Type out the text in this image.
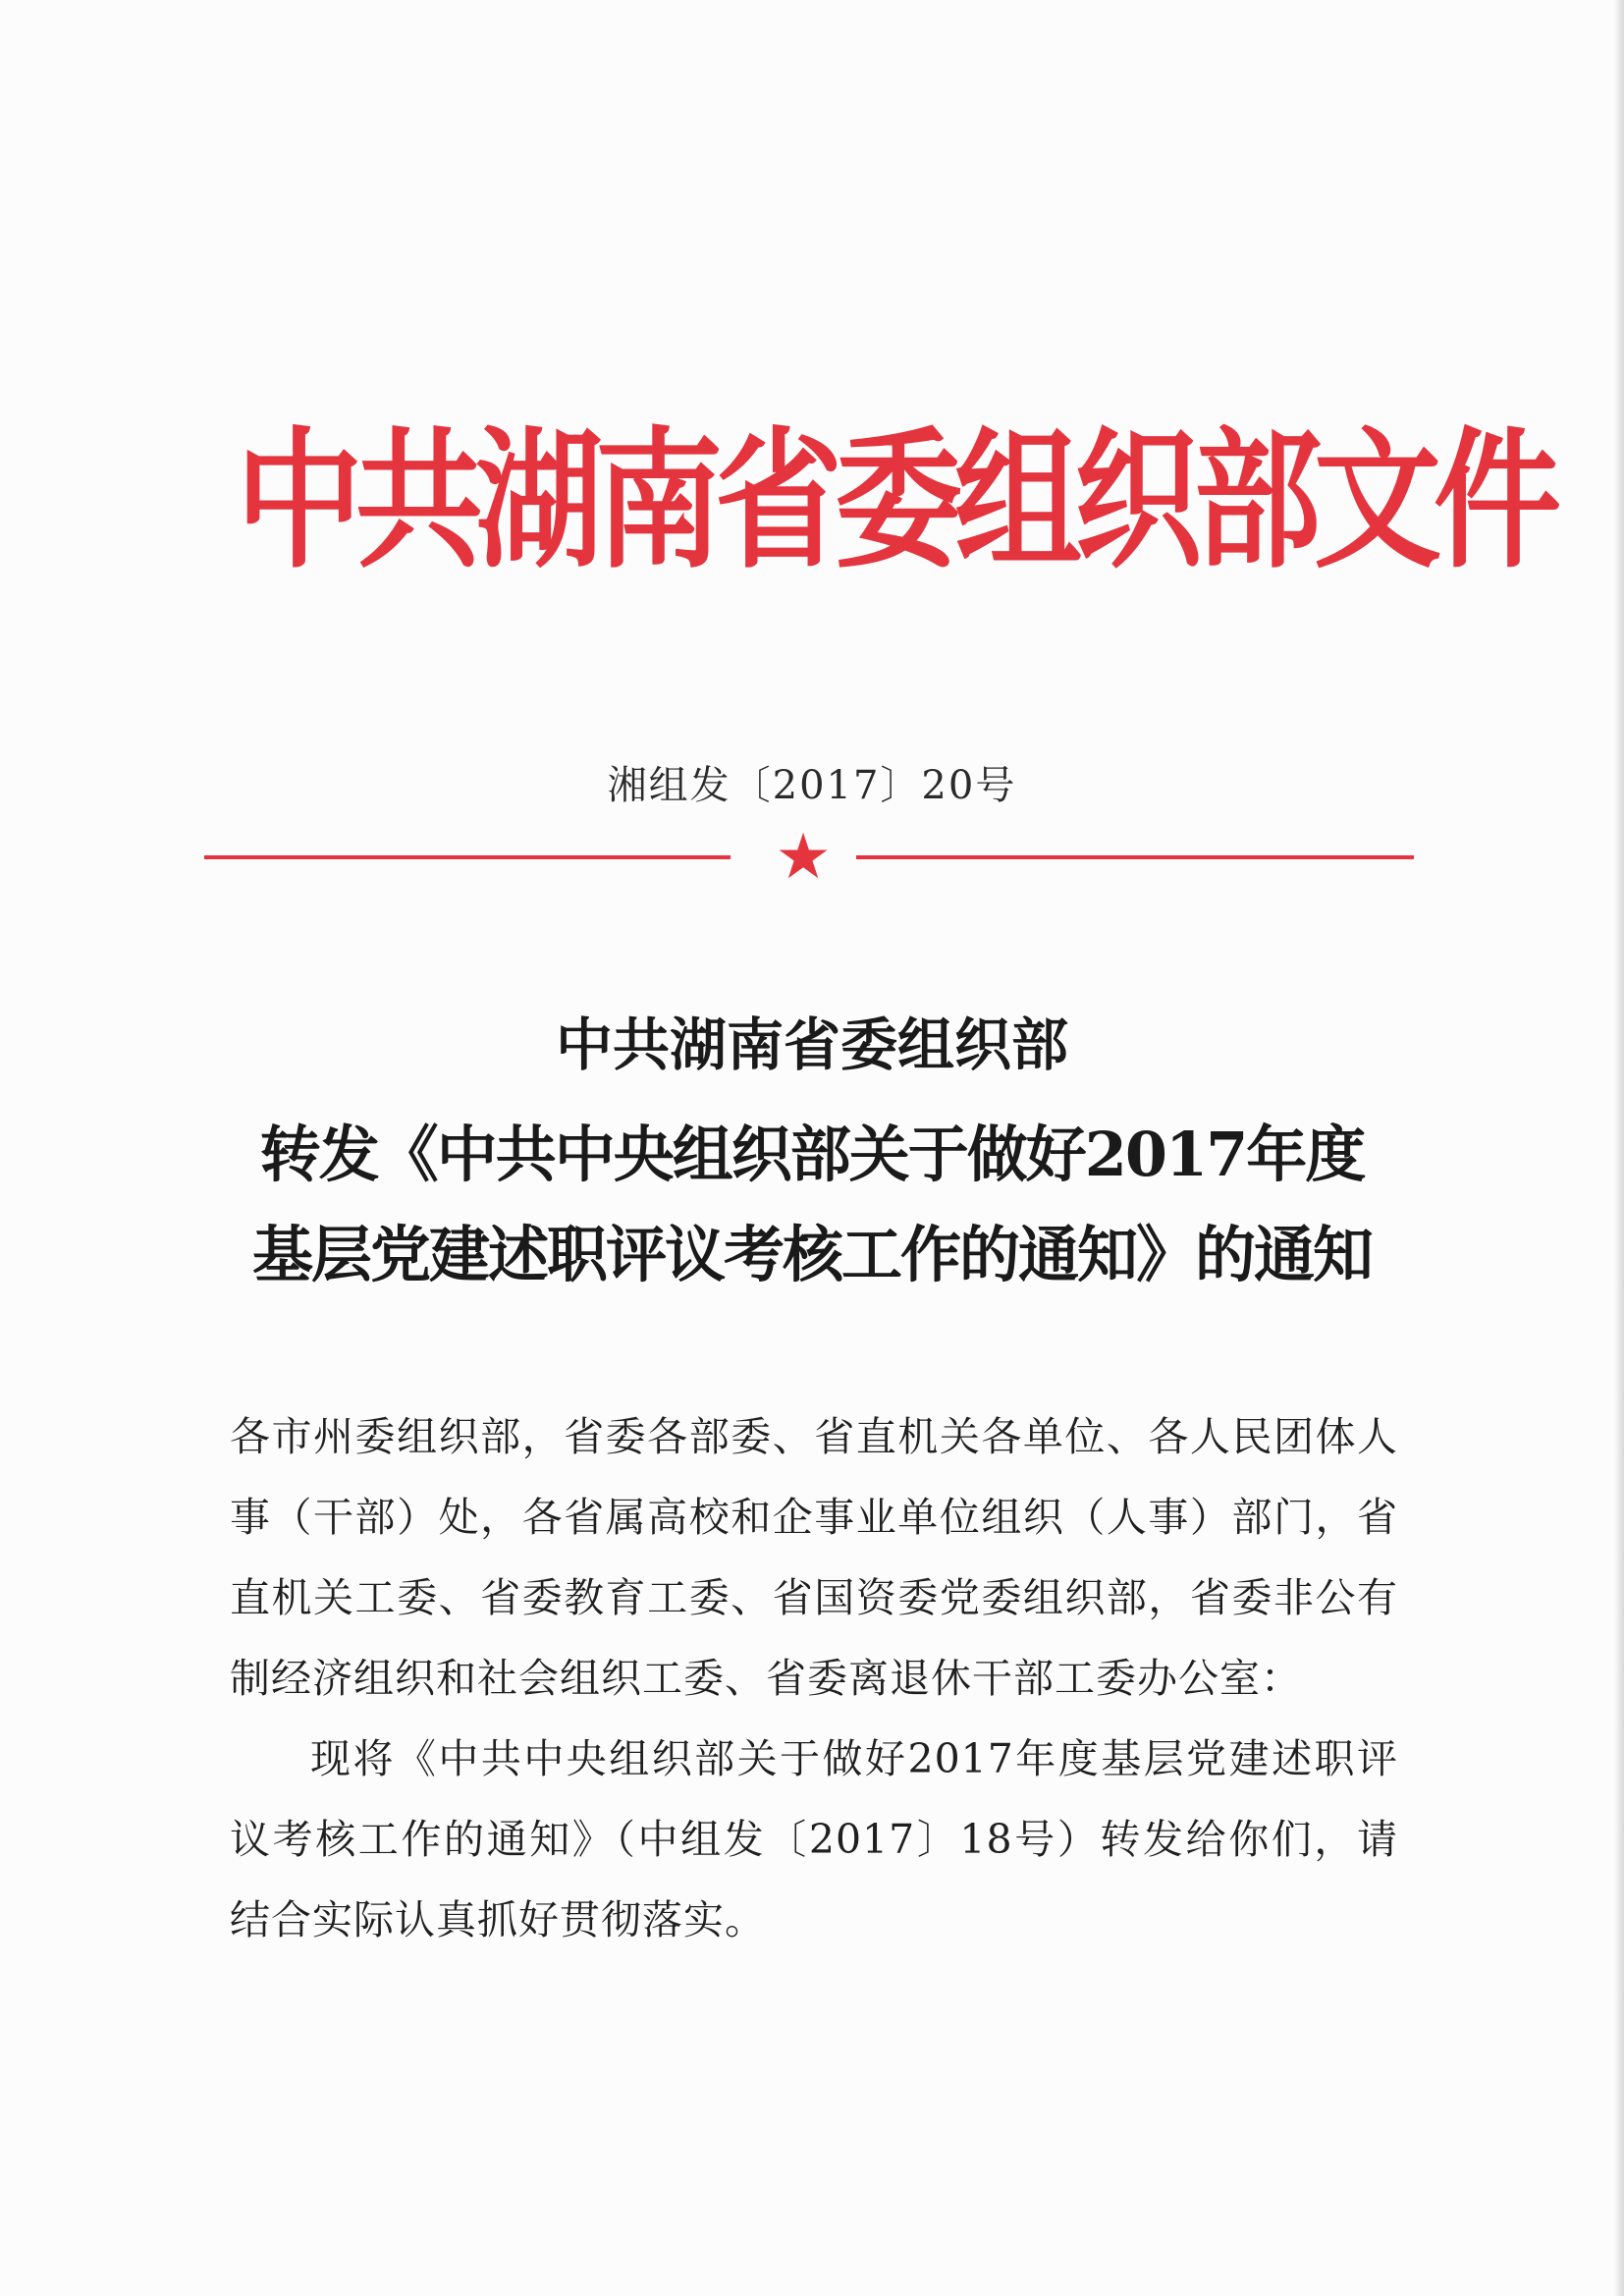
中共湖南省委组织部文件
湘组发〔2017〕20号
★
中共湖南省委组织部
转发《中共中央组织部关于做好2017年度
基层党建述职评议考核工作的通知》的通知

各市州委组织部，省委各部委、省直机关各单位、各人民团体人事（干部）处，各省属高校和企事业单位组织（人事）部门，省直机关工委、省委教育工委、省国资委党委组织部，省委非公有制经济组织和社会组织工委、省委离退休干部工委办公室：

现将《中共中央组织部关于做好2017年度基层党建述职评议考核工作的通知》（中组发〔2017〕18号）转发给你们，请结合实际认真抓好贯彻落实。
